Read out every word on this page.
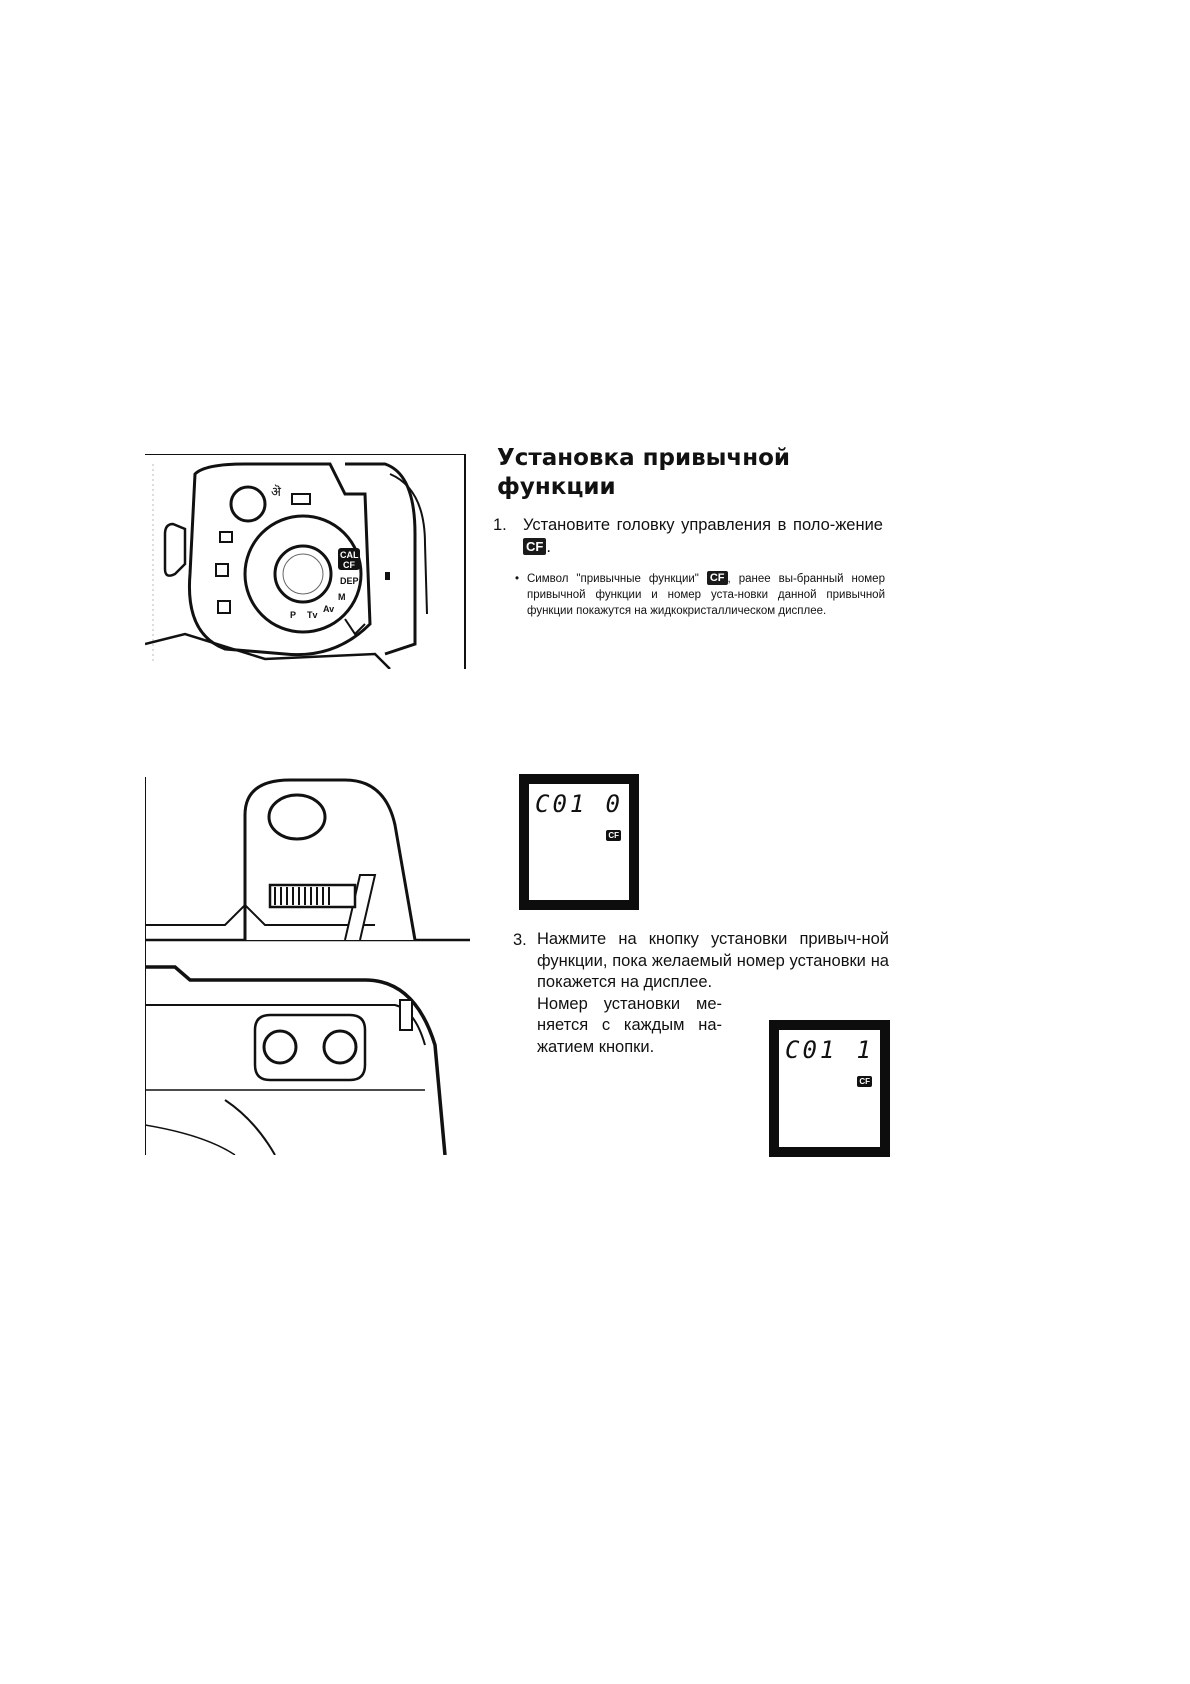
ऄ
CAL
CF
DEP
M
Av
Tv
P
Установка привычной
функции
1. Установите головку управления в поло-жение CF .
• Символ "привычные функции" CF , ранее вы-бранный номер привычной функции и номер уста-новки данной привычной функции покажутся на жидкокристаллическом дисплее.
C01 0
CF
3. Нажмите на кнопку установки привыч-ной функции, пока желаемый номер установки на покажется на дисплее.
Номер установки ме-
няется с каждым на-
жатием кнопки.	C01 1
CF
